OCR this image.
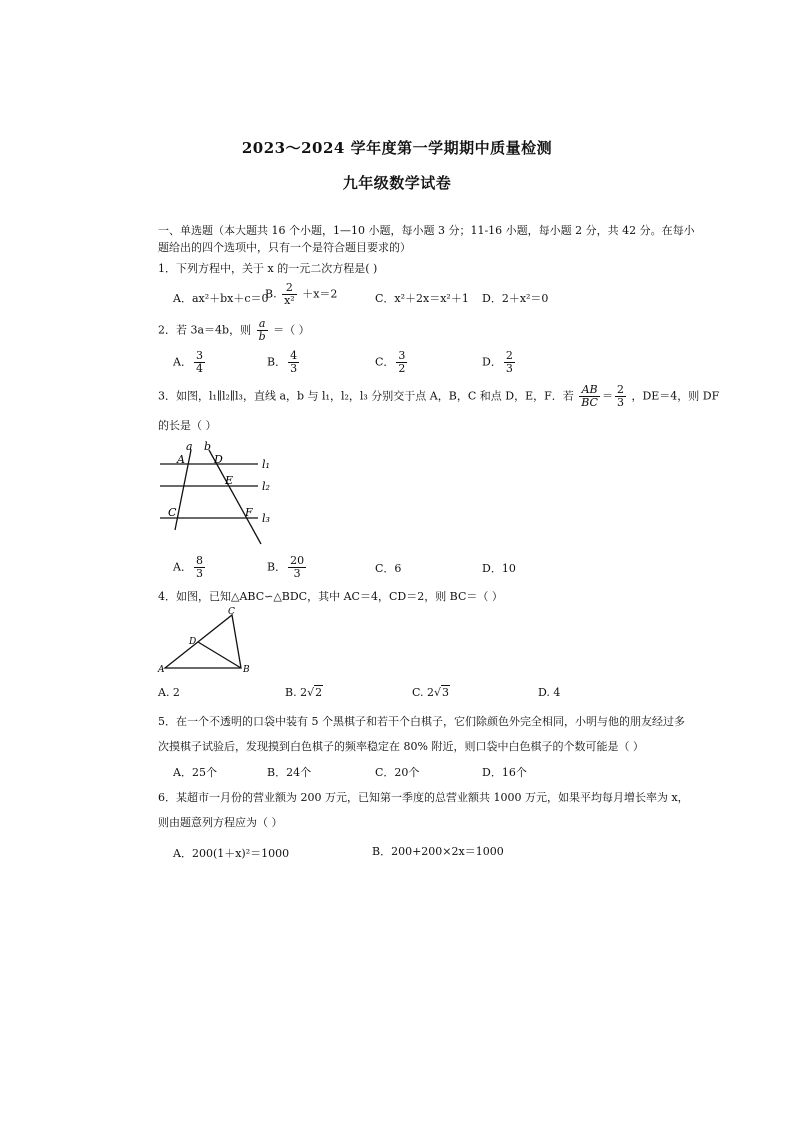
2023～2024 学年度第一学期期中质量检测
九年级数学试卷
一、单选题（本大题共 16 个小题，1—10 小题，每小题 3 分；11-16 小题，每小题 2 分，共 42 分。在每小
题给出的四个选项中，只有一个是符合题目要求的）
1．下列方程中，关于 x 的一元二次方程是( )
A．ax²＋bx＋c＝0
B. $\frac{2}{\text{x²}} +x=2$	C．x²＋2x＝x²＋1 D．2＋x²＝0
2．若 3a＝4b，则 $\frac{a}{b}$ ＝（ ）
A． $\frac{3}{4}$	B． $\frac{4}{3}$	C． $\frac{3}{2}$	D． $\frac{2}{3}$
3．如图，l₁∥l₂∥l₃，直线 a，b 与 l₁，l₂，l₃ 分别交于点 A，B，C 和点 D，E，F．若 $\frac{AB}{BC} = \frac{2}{3}$ ，DE＝4，则 DF
的长是（ ）
a b
A	D
E
C	F
l₁
l₂
l₃
A． $\frac{8}{3}$	B． $\frac{20}{3}$	C．6	D．10
4．如图，已知△ABC∽△BDC，其中 AC＝4，CD＝2，则 BC＝（ ）
C
D
A	B
A. 2	B. 2√2	C. 2√3	D. 4
5．在一个不透明的口袋中装有 5 个黑棋子和若干个白棋子，它们除颜色外完全相同，小明与他的朋友经过多
次摸棋子试验后，发现摸到白色棋子的频率稳定在 80% 附近，则口袋中白色棋子的个数可能是（ ）
A．25个	B．24个	C．20个	D．16个
6．某超市一月份的营业额为 200 万元，已知第一季度的总营业额共 1000 万元，如果平均每月增长率为 x，
则由题意列方程应为（ ）
A．200(1＋x)²＝1000	B．200+200×2x＝1000
